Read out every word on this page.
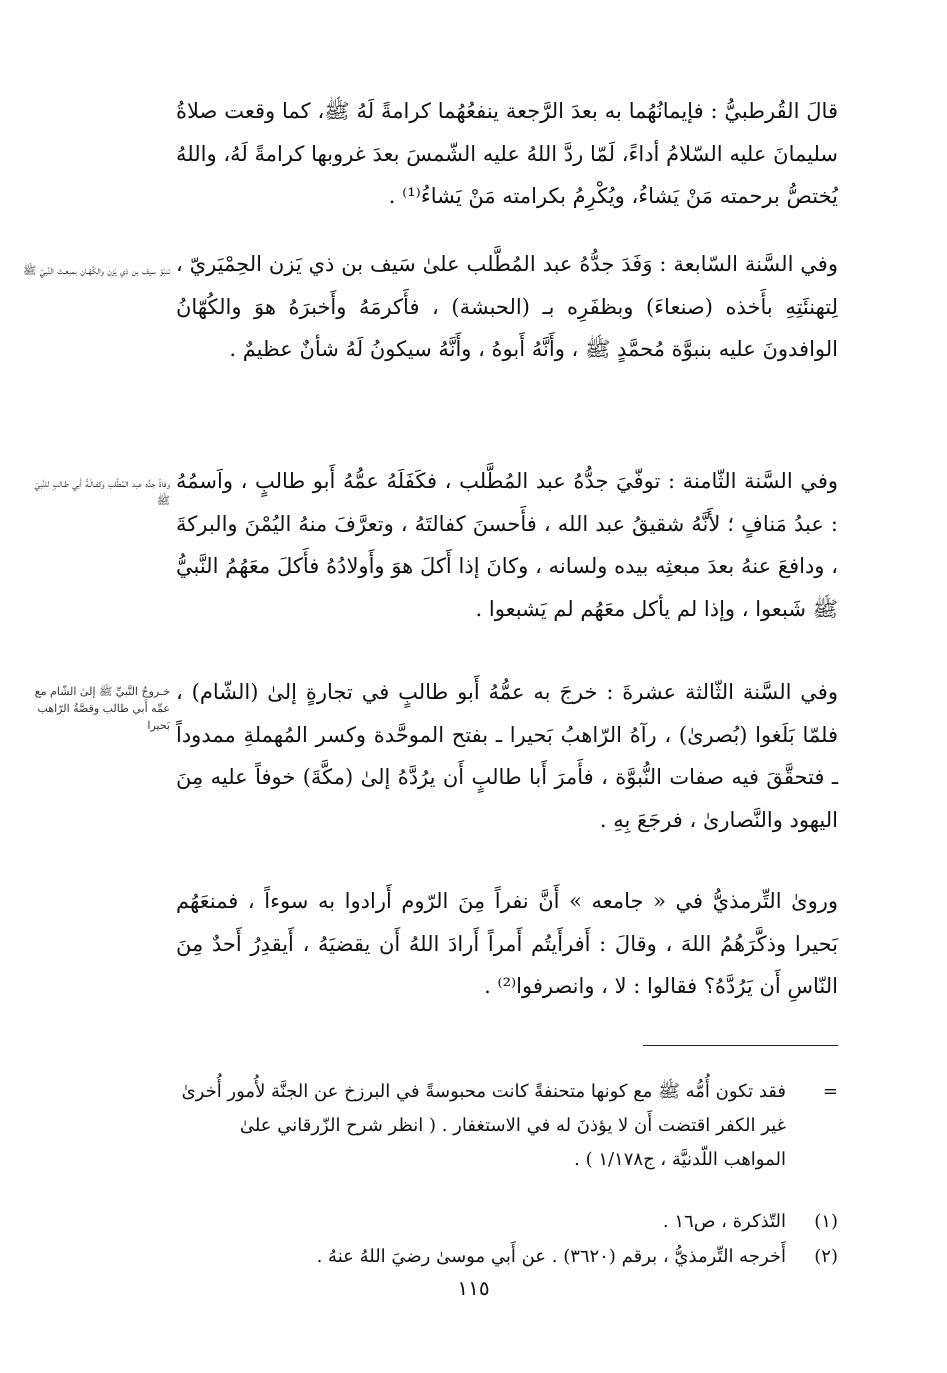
قالَ القُرطبيُّ : فإيمانُهُما به بعدَ الرَّجعة ينفعُهُما كرامةً لَهُ ﷺ، كما وقعت صلاةُ سليمانَ عليه السّلامُ أداءً، لَمّا ردَّ اللهُ عليه الشّمسَ بعدَ غروبها كرامةً لَهُ، واللهُ يُختصُّ برحمته مَنْ يَشاءُ، ويُكْرِمُ بكرامته مَنْ يَشاءُ⁽¹⁾ .

تنبّؤ سيف بن ذي يَزن والكُهّـان بمبعـث النَّبيّ ﷺ وفي السَّنة السّابعة : وَفَدَ جدُّهُ عبد المُطَّلب علىٰ سَيف بن ذي يَزن الحِمْيَريّ ، لِتهنئَتِهِ بأَخذه (صنعاءَ) وبظفَرِه بـ (الحبشة) ، فأَكرمَهُ وأَخبرَهُ هوَ والكُهّانُ الوافدونَ عليه بنبوَّة مُحمَّدٍ ﷺ ، وأَنَّهُ أَبوهُ ، وأَنَّهُ سيكونُ لَهُ شأنٌ عظيمٌ .

وفاةُ جدِّه عبد المُطَّلب وكفـالَـةُ أَبي طـالبٍ للنَّبيّ ﷺ

وفي السَّنة الثّامنة : توفّيَ جدُّهُ عبد المُطَّلب ، فكَفَلَهُ عمُّهُ أَبو طالبٍ ، واَسمُهُ : عبدُ مَنافٍ ؛ لأَنَّهُ شقيقُ عبد الله ، فأَحسنَ كفالتَهُ ، وتعرَّفَ منهُ اليُمْنَ والبركةَ ، ودافعَ عنهُ بعدَ مبعثِه بيده ولسانه ، وكانَ إذا أَكلَ هوَ وأَولادُهُ فأَكلَ معَهُمُ النَّبيُّ ﷺ شَبعوا ، وإذا لم يأكل معَهُم لم يَشبعوا .

خـروجُ النَّبيِّ ﷺ إلىٰ الشّام مع عمِّه أَبي طالب وقصَّةُ الرّاهب بَحيرا

وفي السَّنة الثّالثة عشرةَ : خرجَ به عمُّهُ أَبو طالبٍ في تجارةٍ إلىٰ (الشّام) ، فلمّا بَلَغوا (بُصرىٰ) ، رآهُ الرّاهبُ بَحيرا ـ بفتح الموحَّدة وكسر المُهملةِ ممدوداً ـ فتحقَّقَ فيه صفات النُّبوَّة ، فأَمرَ أَبا طالبٍ أَن يرُدَّهُ إلىٰ (مكَّةَ) خوفاً عليه مِنَ اليهود والنَّصارىٰ ، فرجَعَ بِهِ .

وروىٰ التِّرمذيُّ في « جامعه » أَنَّ نفراً مِنَ الرّوم أَرادوا به سوءاً ، فمنعَهُم بَحيرا وذكَّرَهُمُ اللهَ ، وقالَ : أَفرأَيتُم أَمراً أَرادَ اللهُ أَن يقضيَهُ ، أَيقدِرُ أَحدٌ مِنَ النّاسِ أَن يَرُدَّهُ؟ فقالوا : لا ، وانصرفوا⁽²⁾ .

=
فقد تكون أُمُّه ﷺ مع كونها متحنفةً كانت محبوسةً في البرزخ عن الجنَّة لأُمور أُخرىٰ غير الكفر اقتضت أَن لا يؤذنَ له في الاستغفار . ( انظر شرح الزّرقاني علىٰ المواهب اللّدنيَّة ، ج١/١٧٨ ) .
(١)
التّذكرة ، ص١٦ .
(٢)
أَخرجه التِّرمذيُّ ، برقم (٣٦٢٠) . عن أَبي موسىٰ رضيَ اللهُ عنهُ .
١١٥
